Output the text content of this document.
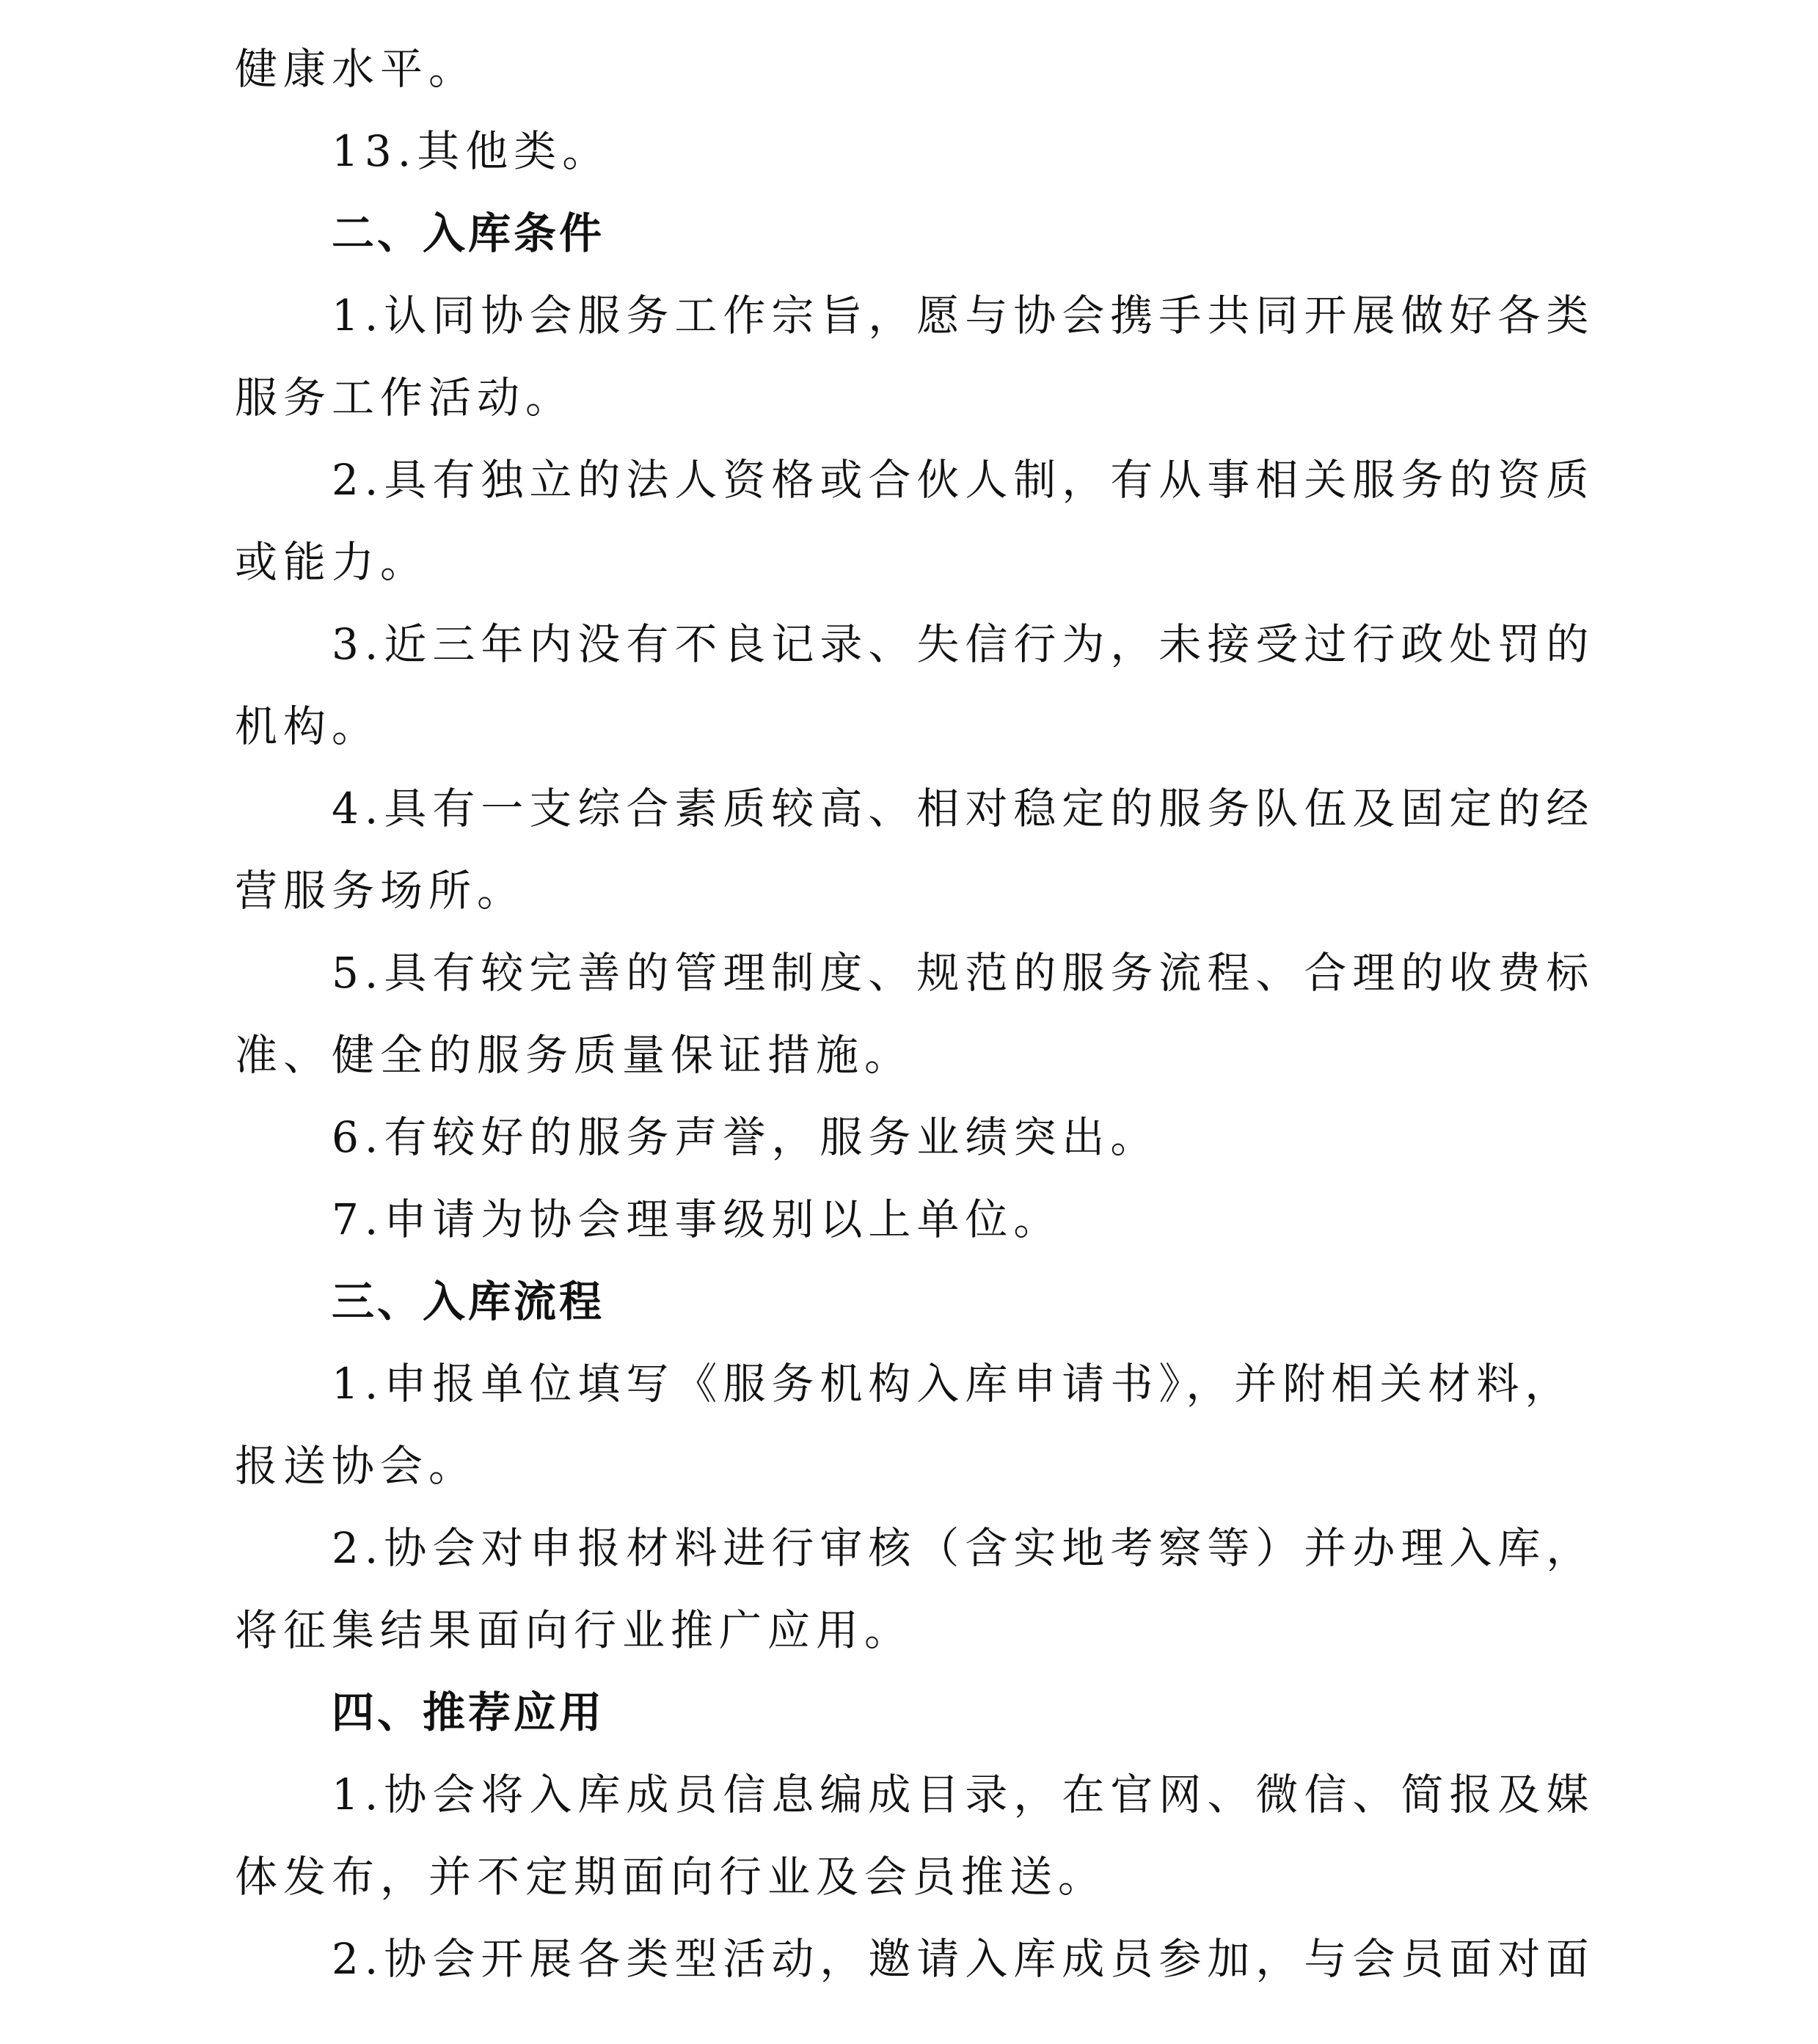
健康水平。
13.其他类。
二、入库条件
1.认同协会服务工作宗旨，愿与协会携手共同开展做好各类
服务工作活动。
2.具有独立的法人资格或合伙人制，有从事相关服务的资质
或能力。
3.近三年内没有不良记录、失信行为，未接受过行政处罚的
机构。
4.具有一支综合素质较高、相对稳定的服务队伍及固定的经
营服务场所。
5.具有较完善的管理制度、规范的服务流程、合理的收费标
准、健全的服务质量保证措施。
6.有较好的服务声誉，服务业绩突出。
7.申请为协会理事级别以上单位。
三、入库流程
1.申报单位填写《服务机构入库申请书》，并附相关材料，
报送协会。
2.协会对申报材料进行审核（含实地考察等）并办理入库，
将征集结果面向行业推广应用。
四、推荐应用
1.协会将入库成员信息编成目录，在官网、微信、简报及媒
体发布，并不定期面向行业及会员推送。
2.协会开展各类型活动，邀请入库成员参加，与会员面对面
